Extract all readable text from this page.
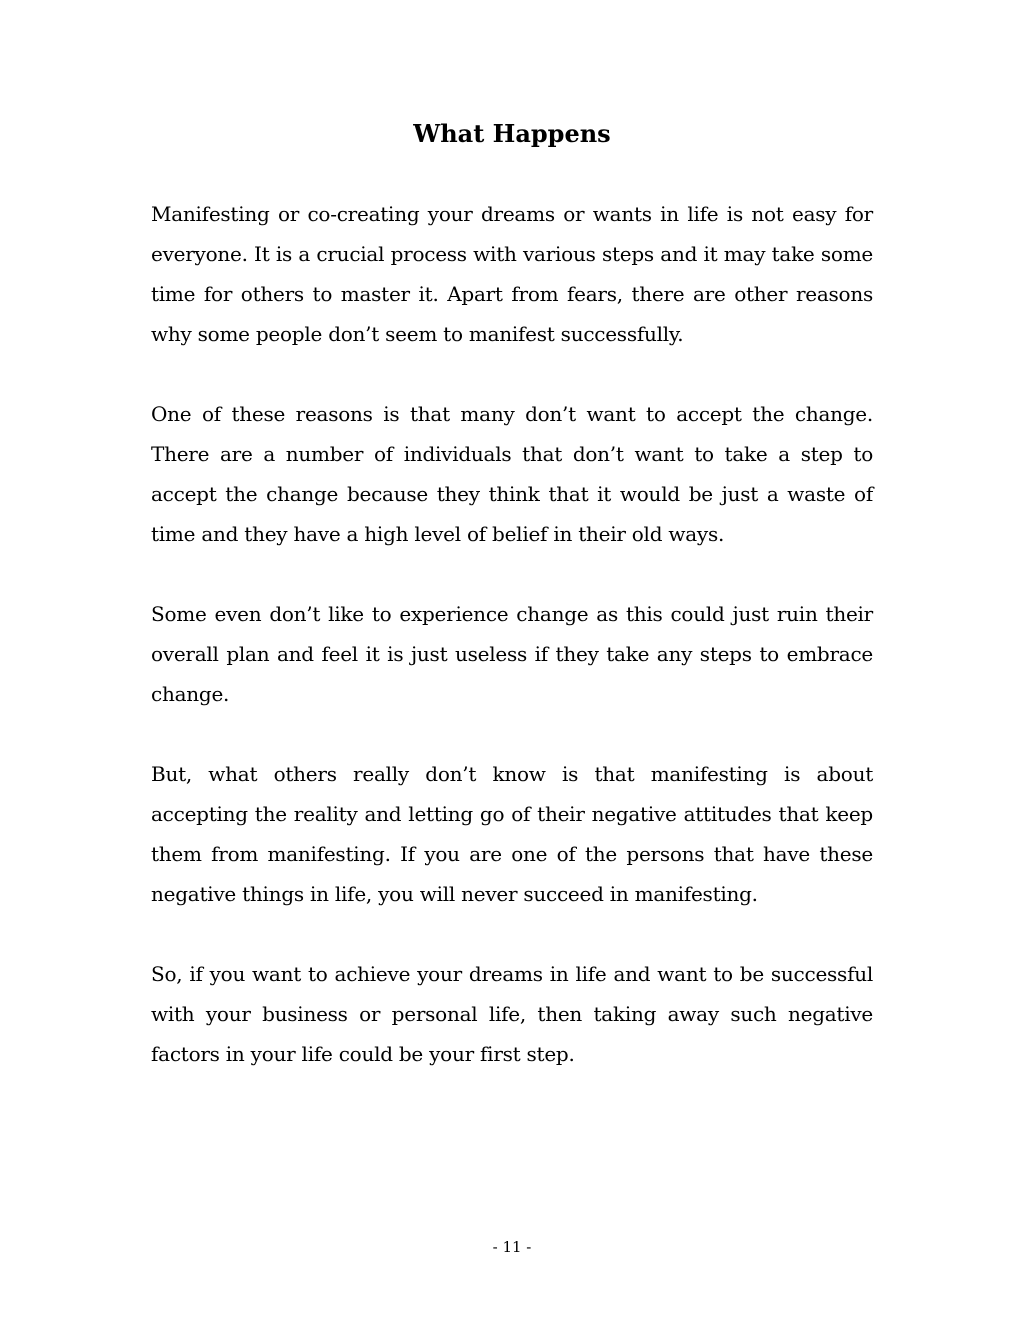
What Happens

Manifesting or co-creating your dreams or wants in life is not easy for everyone. It is a crucial process with various steps and it may take some time for others to master it. Apart from fears, there are other reasons why some people don’t seem to manifest successfully.

One of these reasons is that many don’t want to accept the change. There are a number of individuals that don’t want to take a step to accept the change because they think that it would be just a waste of time and they have a high level of belief in their old ways.

Some even don’t like to experience change as this could just ruin their overall plan and feel it is just useless if they take any steps to embrace change.

But, what others really don’t know is that manifesting is about accepting the reality and letting go of their negative attitudes that keep them from manifesting. If you are one of the persons that have these negative things in life, you will never succeed in manifesting.

So, if you want to achieve your dreams in life and want to be successful with your business or personal life, then taking away such negative factors in your life could be your first step.

- 11 -
